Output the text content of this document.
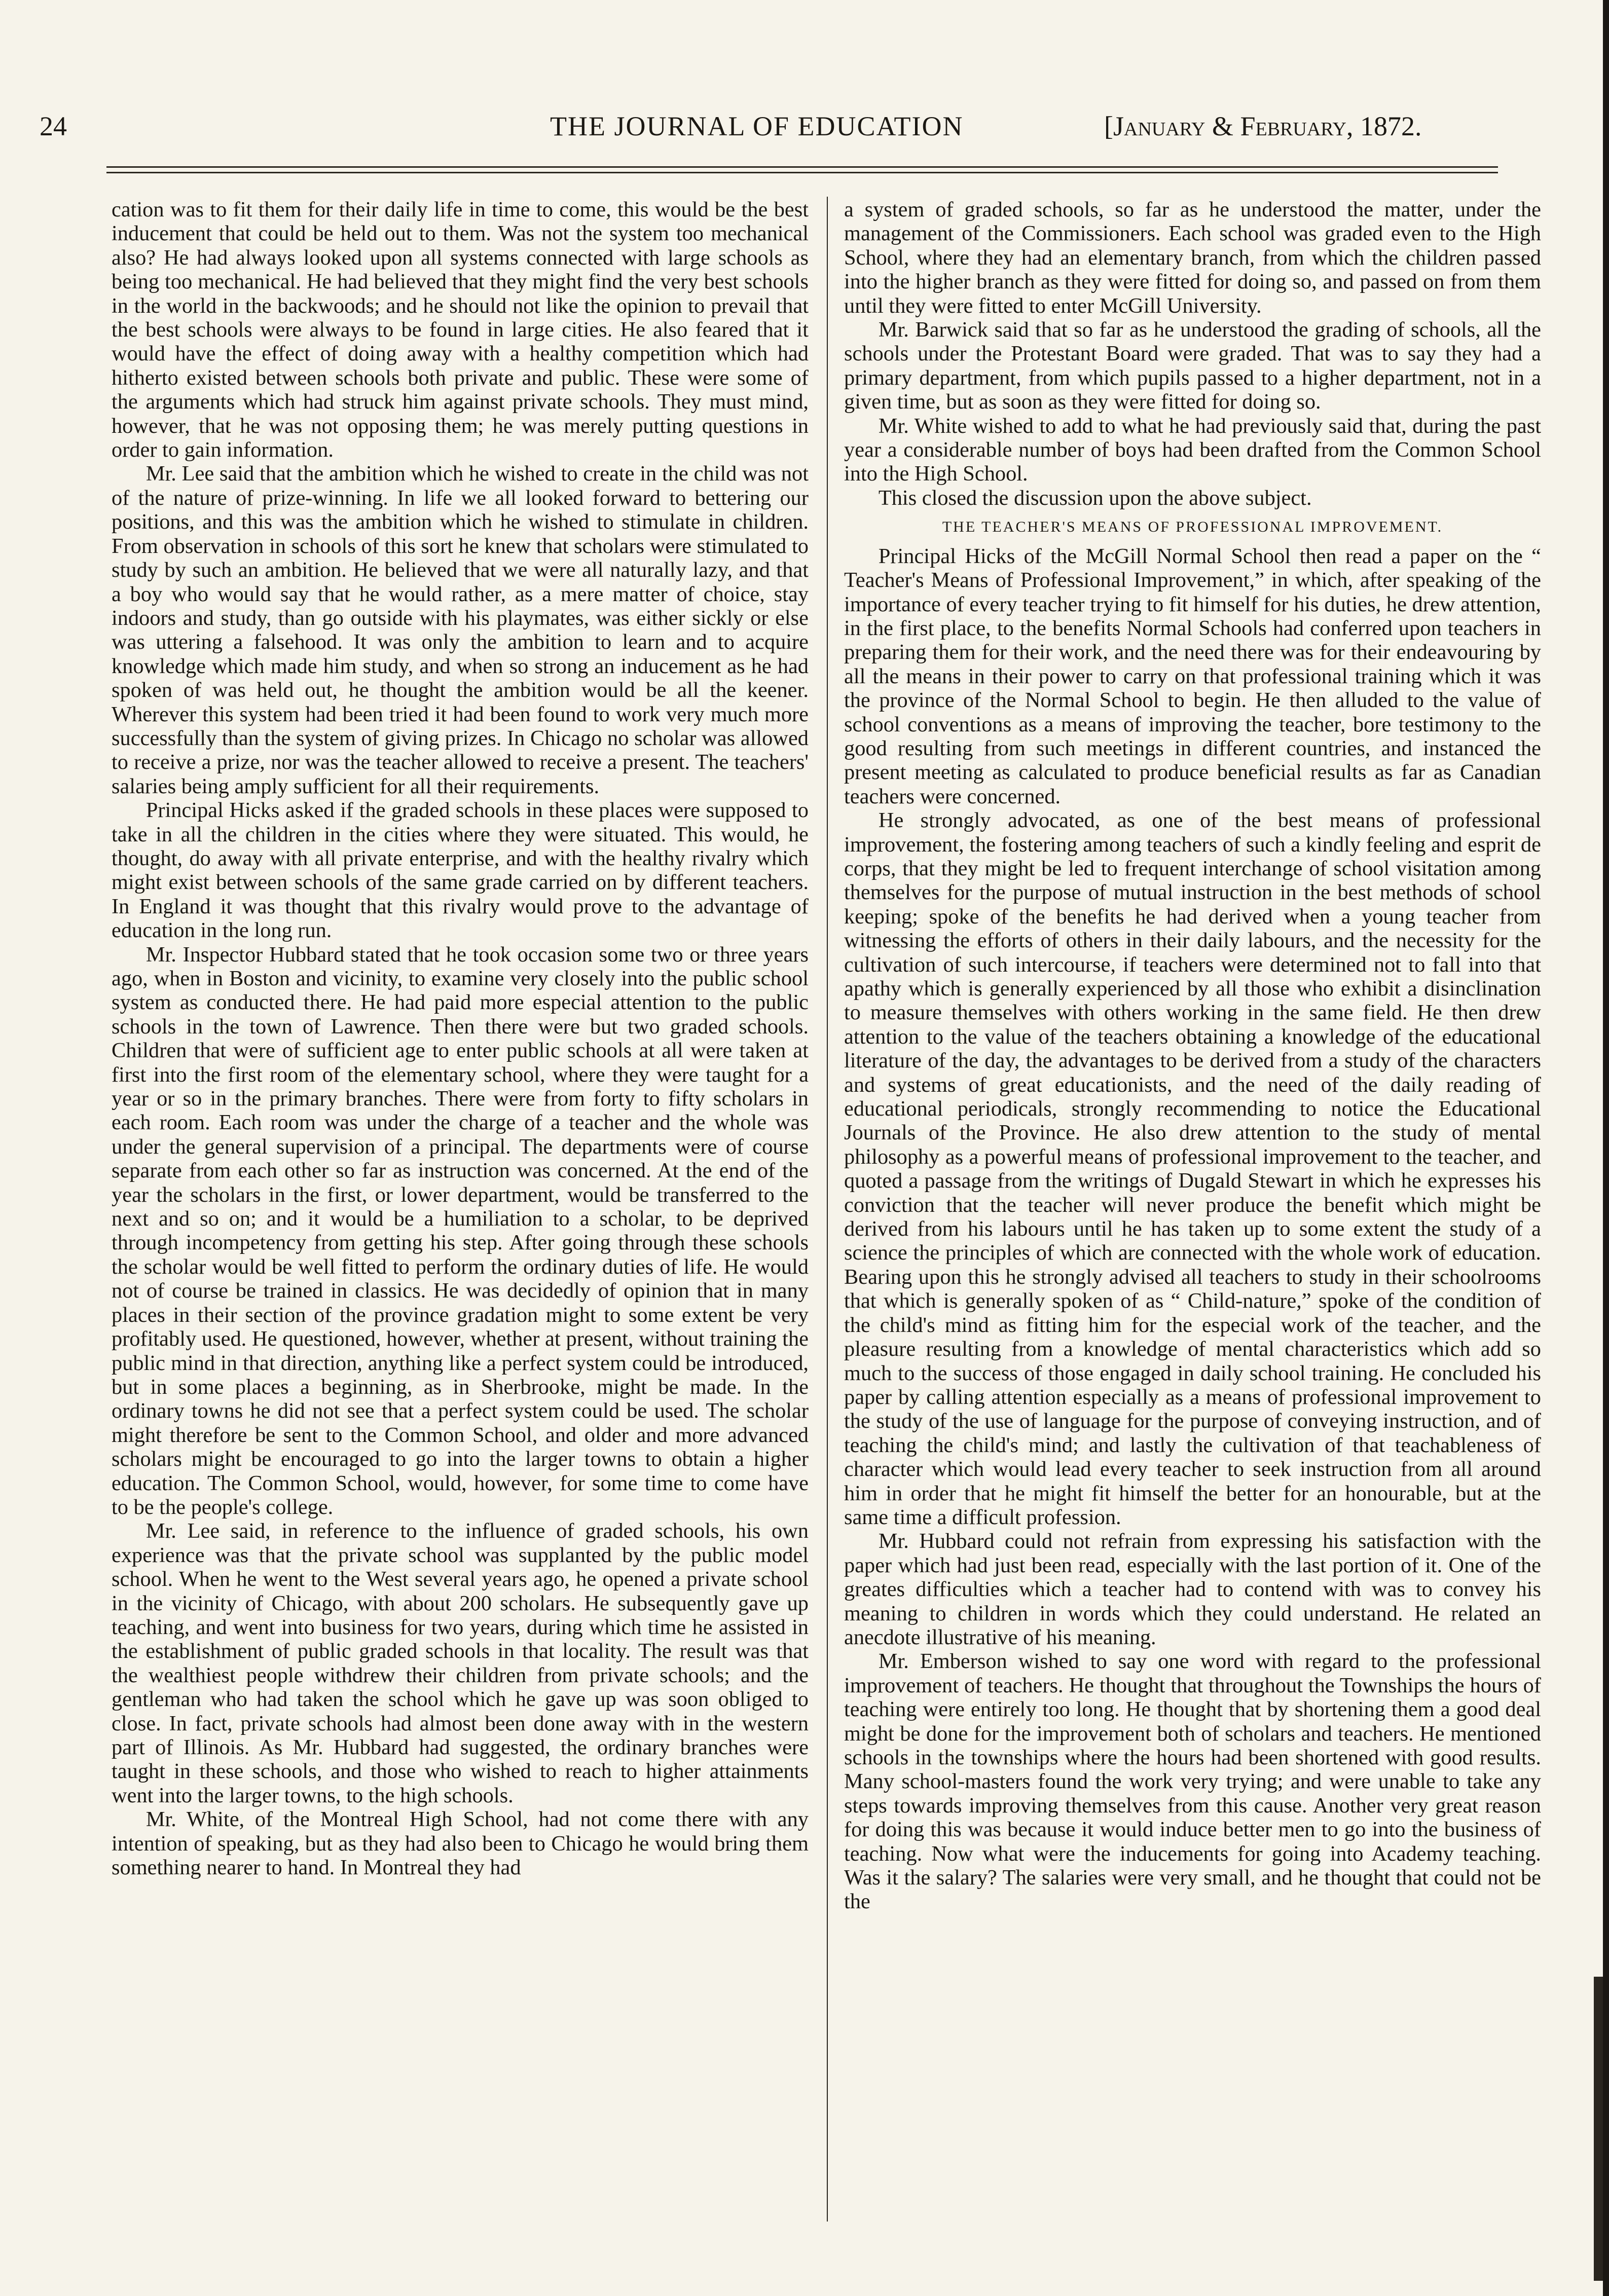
24	THE JOURNAL OF EDUCATION	[January & February, 1872.

cation was to fit them for their daily life in time to come, this would be the best inducement that could be held out to them. Was not the system too mechanical also? He had always looked upon all systems connected with large schools as being too mechanical. He had believed that they might find the very best schools in the world in the backwoods; and he should not like the opinion to prevail that the best schools were always to be found in large cities. He also feared that it would have the effect of doing away with a healthy competition which had hitherto existed between schools both private and public. These were some of the arguments which had struck him against private schools. They must mind, however, that he was not opposing them; he was merely putting questions in order to gain information.

Mr. Lee said that the ambition which he wished to create in the child was not of the nature of prize-winning. In life we all looked forward to bettering our positions, and this was the ambition which he wished to stimulate in children. From observation in schools of this sort he knew that scholars were stimulated to study by such an ambition. He believed that we were all naturally lazy, and that a boy who would say that he would rather, as a mere matter of choice, stay indoors and study, than go outside with his playmates, was either sickly or else was uttering a falsehood. It was only the ambition to learn and to acquire knowledge which made him study, and when so strong an inducement as he had spoken of was held out, he thought the ambition would be all the keener. Wherever this system had been tried it had been found to work very much more successfully than the system of giving prizes. In Chicago no scholar was allowed to receive a prize, nor was the teacher allowed to receive a present. The teachers' salaries being amply sufficient for all their requirements.

Principal Hicks asked if the graded schools in these places were supposed to take in all the children in the cities where they were situated. This would, he thought, do away with all private enterprise, and with the healthy rivalry which might exist between schools of the same grade carried on by different teachers. In England it was thought that this rivalry would prove to the advantage of education in the long run.

Mr. Inspector Hubbard stated that he took occasion some two or three years ago, when in Boston and vicinity, to examine very closely into the public school system as conducted there. He had paid more especial attention to the public schools in the town of Lawrence. Then there were but two graded schools. Children that were of sufficient age to enter public schools at all were taken at first into the first room of the elementary school, where they were taught for a year or so in the primary branches. There were from forty to fifty scholars in each room. Each room was under the charge of a teacher and the whole was under the general supervision of a principal. The departments were of course separate from each other so far as instruction was concerned. At the end of the year the scholars in the first, or lower department, would be transferred to the next and so on; and it would be a humiliation to a scholar, to be deprived through incompetency from getting his step. After going through these schools the scholar would be well fitted to perform the ordinary duties of life. He would not of course be trained in classics. He was decidedly of opinion that in many places in their section of the province gradation might to some extent be very profitably used. He questioned, however, whether at present, without training the public mind in that direction, anything like a perfect system could be introduced, but in some places a beginning, as in Sherbrooke, might be made. In the ordinary towns he did not see that a perfect system could be used. The scholar might therefore be sent to the Common School, and older and more advanced scholars might be encouraged to go into the larger towns to obtain a higher education. The Common School, would, however, for some time to come have to be the people's college.

Mr. Lee said, in reference to the influence of graded schools, his own experience was that the private school was supplanted by the public model school. When he went to the West several years ago, he opened a private school in the vicinity of Chicago, with about 200 scholars. He subsequently gave up teaching, and went into business for two years, during which time he assisted in the establishment of public graded schools in that locality. The result was that the wealthiest people withdrew their children from private schools; and the gentleman who had taken the school which he gave up was soon obliged to close. In fact, private schools had almost been done away with in the western part of Illinois. As Mr. Hubbard had suggested, the ordinary branches were taught in these schools, and those who wished to reach to higher attainments went into the larger towns, to the high schools.

Mr. White, of the Montreal High School, had not come there with any intention of speaking, but as they had also been to Chicago he would bring them something nearer to hand. In Montreal they had

a system of graded schools, so far as he understood the matter, under the management of the Commissioners. Each school was graded even to the High School, where they had an elementary branch, from which the children passed into the higher branch as they were fitted for doing so, and passed on from them until they were fitted to enter McGill University.

Mr. Barwick said that so far as he understood the grading of schools, all the schools under the Protestant Board were graded. That was to say they had a primary department, from which pupils passed to a higher department, not in a given time, but as soon as they were fitted for doing so.

Mr. White wished to add to what he had previously said that, during the past year a considerable number of boys had been drafted from the Common School into the High School.

This closed the discussion upon the above subject.

THE TEACHER'S MEANS OF PROFESSIONAL IMPROVEMENT.

Principal Hicks of the McGill Normal School then read a paper on the “ Teacher's Means of Professional Improvement,” in which, after speaking of the importance of every teacher trying to fit himself for his duties, he drew attention, in the first place, to the benefits Normal Schools had conferred upon teachers in preparing them for their work, and the need there was for their endeavouring by all the means in their power to carry on that professional training which it was the province of the Normal School to begin. He then alluded to the value of school conventions as a means of improving the teacher, bore testimony to the good resulting from such meetings in different countries, and instanced the present meeting as calculated to produce beneficial results as far as Canadian teachers were concerned.

He strongly advocated, as one of the best means of professional improvement, the fostering among teachers of such a kindly feeling and esprit de corps, that they might be led to frequent interchange of school visitation among themselves for the purpose of mutual instruction in the best methods of school keeping; spoke of the benefits he had derived when a young teacher from witnessing the efforts of others in their daily labours, and the necessity for the cultivation of such intercourse, if teachers were determined not to fall into that apathy which is generally experienced by all those who exhibit a disinclination to measure themselves with others working in the same field. He then drew attention to the value of the teachers obtaining a knowledge of the educational literature of the day, the advantages to be derived from a study of the characters and systems of great educationists, and the need of the daily reading of educational periodicals, strongly recommending to notice the Educational Journals of the Province. He also drew attention to the study of mental philosophy as a powerful means of professional improvement to the teacher, and quoted a passage from the writings of Dugald Stewart in which he expresses his conviction that the teacher will never produce the benefit which might be derived from his labours until he has taken up to some extent the study of a science the principles of which are connected with the whole work of education. Bearing upon this he strongly advised all teachers to study in their schoolrooms that which is generally spoken of as “ Child-nature,” spoke of the condition of the child's mind as fitting him for the especial work of the teacher, and the pleasure resulting from a knowledge of mental characteristics which add so much to the success of those engaged in daily school training. He concluded his paper by calling attention especially as a means of professional improvement to the study of the use of language for the purpose of conveying instruction, and of teaching the child's mind; and lastly the cultivation of that teachableness of character which would lead every teacher to seek instruction from all around him in order that he might fit himself the better for an honourable, but at the same time a difficult profession.

Mr. Hubbard could not refrain from expressing his satisfaction with the paper which had just been read, especially with the last portion of it. One of the greates difficulties which a teacher had to contend with was to convey his meaning to children in words which they could understand. He related an anecdote illustrative of his meaning.

Mr. Emberson wished to say one word with regard to the professional improvement of teachers. He thought that throughout the Townships the hours of teaching were entirely too long. He thought that by shortening them a good deal might be done for the improvement both of scholars and teachers. He mentioned schools in the townships where the hours had been shortened with good results. Many school-masters found the work very trying; and were unable to take any steps towards improving themselves from this cause. Another very great reason for doing this was because it would induce better men to go into the business of teaching. Now what were the inducements for going into Academy teaching. Was it the salary? The salaries were very small, and he thought that could not be the
